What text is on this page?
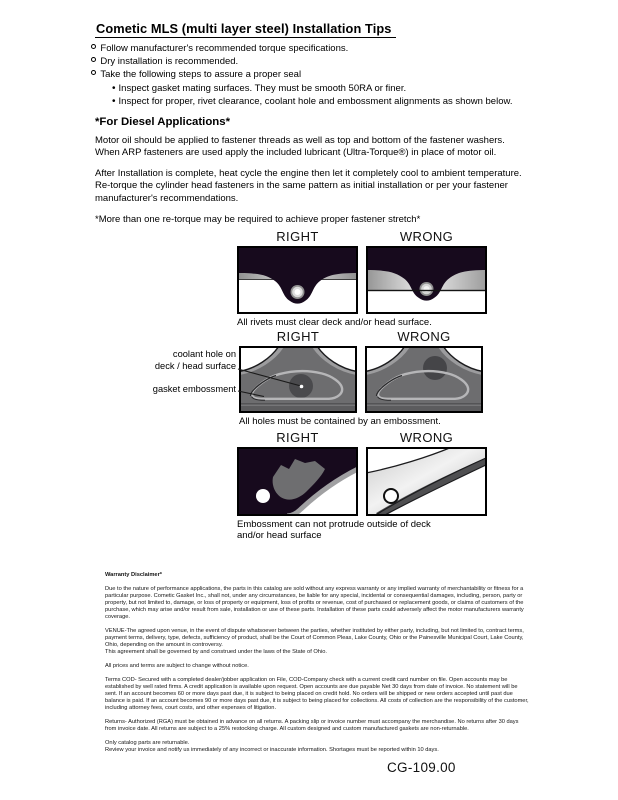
Cometic MLS (multi layer steel) Installation Tips
Follow manufacturer's recommended torque specifications.
Dry installation is recommended.
Take the following steps to assure a proper seal
• Inspect gasket mating surfaces. They must be smooth 50RA or finer.
• Inspect for proper, rivet clearance, coolant hole and embossment alignments as shown below.
*For Diesel Applications*

Motor oil should be applied to fastener threads as well as top and bottom of the fastener washers. When ARP fasteners are used apply the included lubricant (Ultra-Torque®) in place of motor oil.

After Installation is complete, heat cycle the engine then let it completely cool to ambient temperature. Re-torque the cylinder head fasteners in the same pattern as initial installation or per your fastener manufacturer's recommendations.

*More than one re-torque may be required to achieve proper fastener stretch*

RIGHT	WRONG
All rivets must clear deck and/or head surface.
RIGHT	WRONG
All holes must be contained by an embossment.
coolant hole on
deck / head surface
gasket embossment
RIGHT	WRONG
Embossment can not protrude outside of deck
and/or head surface
Warranty Disclaimer*

Due to the nature of performance applications, the parts in this catalog are sold without any express warranty or any implied warranty of merchantability or fitness for a particular purpose. Cometic Gasket Inc., shall not, under any circumstances, be liable for any special, incidental or consequential damages, including, person, party or property, but not limited to, damage, or loss of property or equipment, loss of profits or revenue, cost of purchased or replacement goods, or claims of customers of the purchase, which may arise and/or result from sale, installation or use of these parts. Installation of these parts could adversely affect the motor manufacturers warranty coverage.

VENUE-The agreed upon venue, in the event of dispute whatsoever between the parties, whether instituted by either party, including, but not limited to, contract terms, payment terms, delivery, type, defects, sufficiency of product, shall be the Court of Common Pleas, Lake County, Ohio or the Painesville Municipal Court, Lake County, Ohio, depending on the amount in controversy.
This agreement shall be governed by and construed under the laws of the State of Ohio.

All prices and terms are subject to change without notice.

Terms COD- Secured with a completed dealer/jobber application on File, COD-Company check with a current credit card number on file. Open accounts may be established by well rated firms. A credit application is available upon request. Open accounts are due payable Net 30 days from date of invoice. No statement will be sent. If an account becomes 60 or more days past due, it is subject to being placed on credit hold. No orders will be shipped or new orders accepted until past due balance is paid. If an account becomes 90 or more days past due, it is subject to being placed for collections. All costs of collection are the responsibility of the customer, including attorney fees, court costs, and other expenses of litigation.

Returns- Authorized (RGA) must be obtained in advance on all returns. A packing slip or invoice number must accompany the merchandise. No returns after 30 days from invoice date. All returns are subject to a 25% restocking charge. All custom designed and custom manufactured gaskets are non-returnable.

Only catalog parts are returnable.
Review your invoice and notify us immediately of any incorrect or inaccurate information. Shortages must be reported within 10 days.

CG-109.00
